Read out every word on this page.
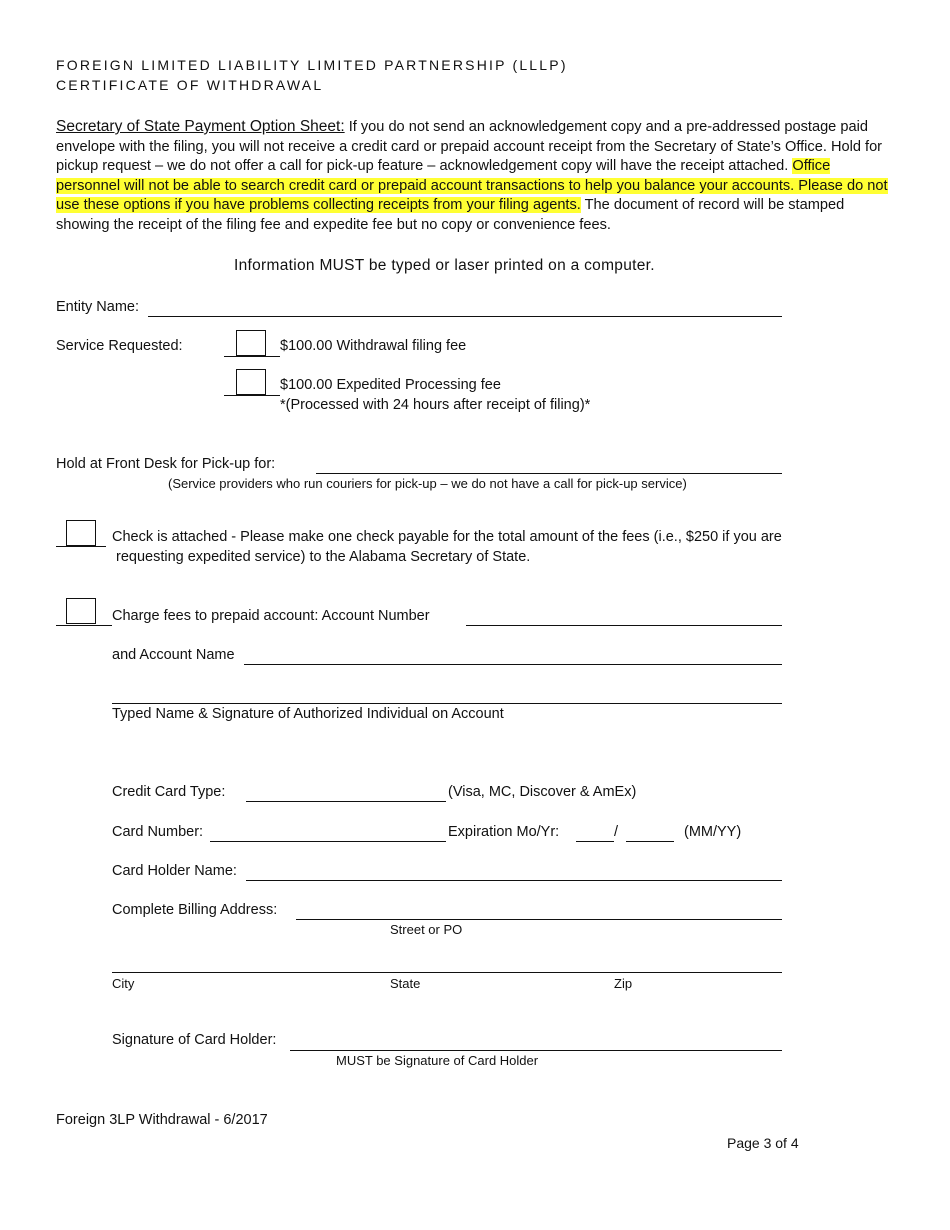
FOREIGN LIMITED LIABILITY LIMITED PARTNERSHIP (LLLP)
CERTIFICATE OF WITHDRAWAL
Secretary of State Payment Option Sheet: If you do not send an acknowledgement copy and a pre-addressed postage paid envelope with the filing, you will not receive a credit card or prepaid account receipt from the Secretary of State’s Office. Hold for pickup request – we do not offer a call for pick-up feature – acknowledgement copy will have the receipt attached. Office personnel will not be able to search credit card or prepaid account transactions to help you balance your accounts. Please do not use these options if you have problems collecting receipts from your filing agents. The document of record will be stamped showing the receipt of the filing fee and expedite fee but no copy or convenience fees.
Information MUST be typed or laser printed on a computer.
Entity Name:
Service Requested:	$100.00 Withdrawal filing fee
$100.00 Expedited Processing fee
*(Processed with 24 hours after receipt of filing)*
Hold at Front Desk for Pick-up for:
(Service providers who run couriers for pick-up – we do not have a call for pick-up service)
Check is attached - Please make one check payable for the total amount of the fees (i.e., $250 if you are
requesting expedited service) to the Alabama Secretary of State.
Charge fees to prepaid account: Account Number
and Account Name
Typed Name & Signature of Authorized Individual on Account
Credit Card Type:	(Visa, MC, Discover & AmEx)
Card Number:	Expiration Mo/Yr:	/	(MM/YY)
Card Holder Name:
Complete Billing Address:
Street or PO
City	State	Zip
Signature of Card Holder:
MUST be Signature of Card Holder
Foreign 3LP Withdrawal - 6/2017
Page 3 of 4
